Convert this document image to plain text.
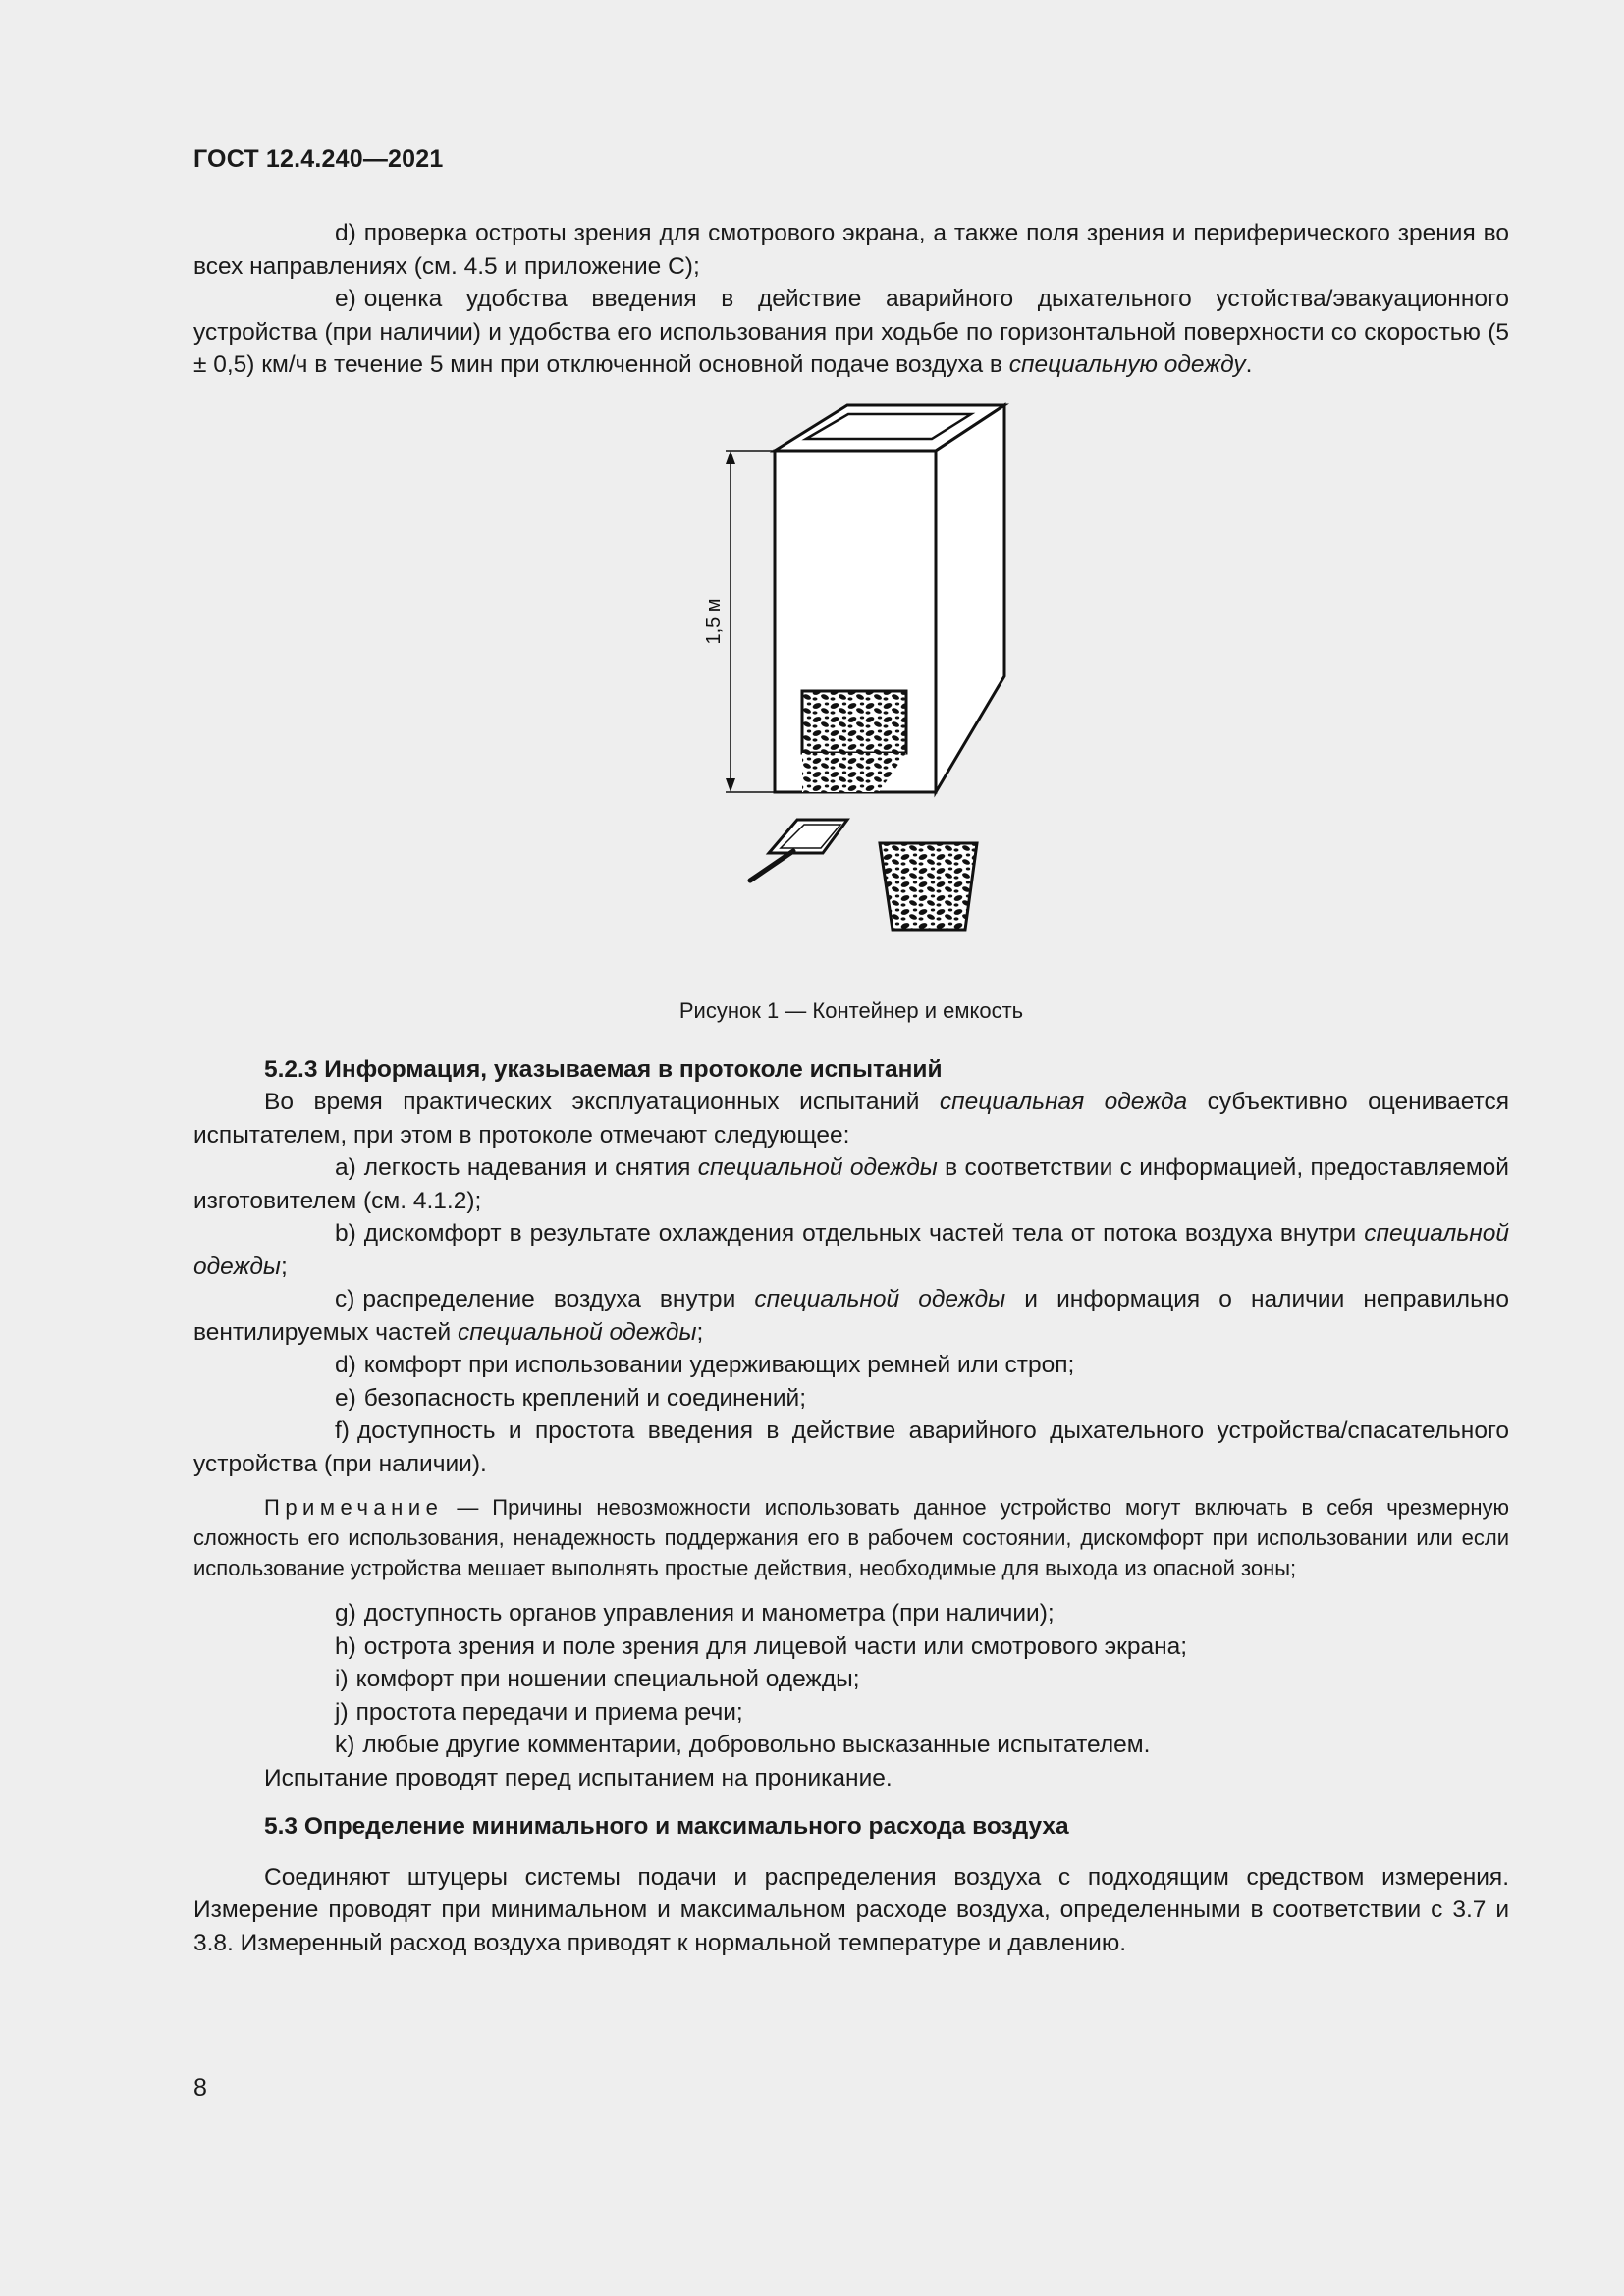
ГОСТ 12.4.240—2021

d) проверка остроты зрения для смотрового экрана, а также поля зрения и периферического зрения во всех направлениях (см. 4.5 и приложение С);

е) оценка удобства введения в действие аварийного дыхательного устойства/эвакуационного устройства (при наличии) и удобства его использования при ходьбе по горизонтальной поверхности со скоростью (5 ± 0,5) км/ч в течение 5 мин при отключенной основной подаче воздуха в специальную одежду.

1,5 м

Рисунок 1 — Контейнер и емкость

5.2.3 Информация, указываемая в протоколе испытаний

Во время практических эксплуатационных испытаний специальная одежда субъективно оценивается испытателем, при этом в протоколе отмечают следующее:

а) легкость надевания и снятия специальной одежды в соответствии с информацией, предоставляемой изготовителем (см. 4.1.2);

b) дискомфорт в результате охлаждения отдельных частей тела от потока воздуха внутри специальной одежды;

с) распределение воздуха внутри специальной одежды и информация о наличии неправильно вентилируемых частей специальной одежды;

d) комфорт при использовании удерживающих ремней или строп;

е) безопасность креплений и соединений;

f) доступность и простота введения в действие аварийного дыхательного устройства/спасательного устройства (при наличии).

Примечание — Причины невозможности использовать данное устройство могут включать в себя чрезмерную сложность его использования, ненадежность поддержания его в рабочем состоянии, дискомфорт при использовании или если использование устройства мешает выполнять простые действия, необходимые для выхода из опасной зоны;

g) доступность органов управления и манометра (при наличии);

h) острота зрения и поле зрения для лицевой части или смотрового экрана;

i) комфорт при ношении специальной одежды;

j) простота передачи и приема речи;

k) любые другие комментарии, добровольно высказанные испытателем.

Испытание проводят перед испытанием на проникание.

5.3 Определение минимального и максимального расхода воздуха

Соединяют штуцеры системы подачи и распределения воздуха с подходящим средством измерения. Измерение проводят при минимальном и максимальном расходе воздуха, определенными в соответствии с 3.7 и 3.8. Измеренный расход воздуха приводят к нормальной температуре и давлению.

8
